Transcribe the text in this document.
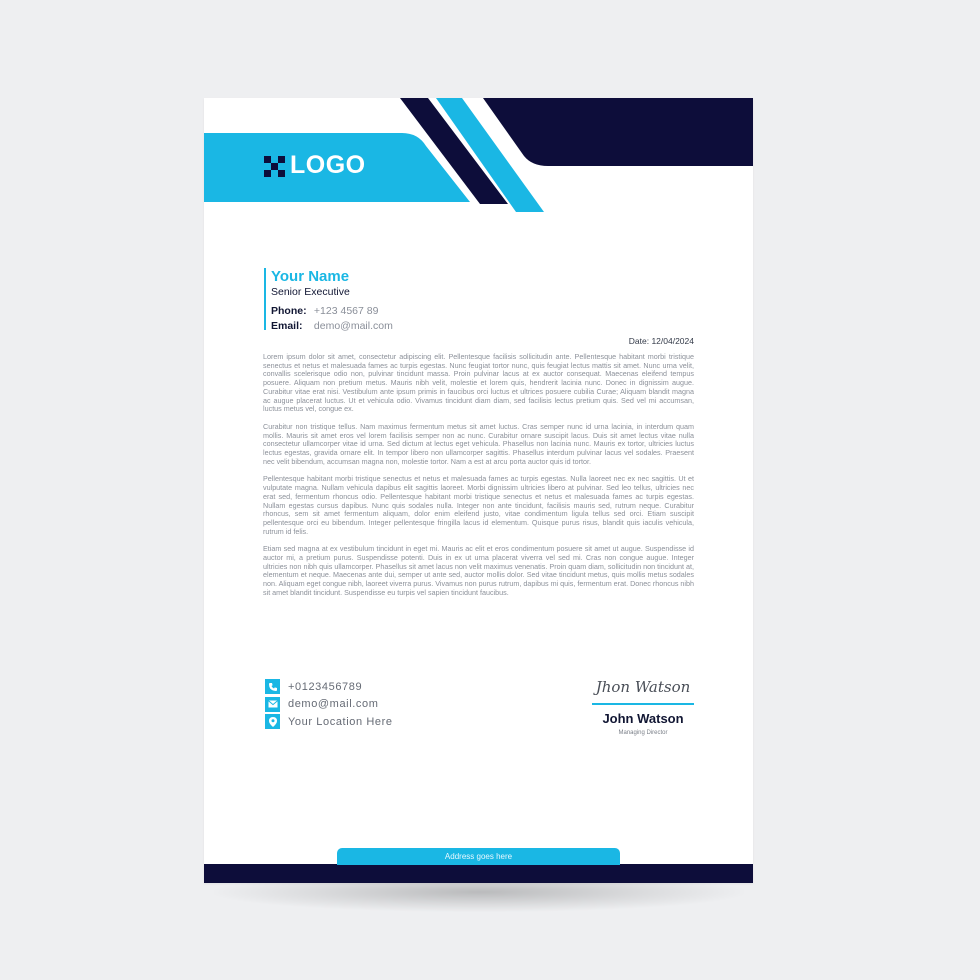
LOGO
Your Name
Senior Executive
Phone: +123 4567 89
Email: demo@mail.com
Date: 12/04/2024

Lorem ipsum dolor sit amet, consectetur adipiscing elit. Pellentesque facilisis sollicitudin ante. Pellentesque habitant morbi tristique senectus et netus et malesuada fames ac turpis egestas. Nunc feugiat tortor nunc, quis feugiat lectus mattis sit amet. Nunc urna velit, convallis scelerisque odio non, pulvinar tincidunt massa. Proin pulvinar lacus at ex auctor consequat. Maecenas eleifend tempus posuere. Aliquam non pretium metus. Mauris nibh velit, molestie et lorem quis, hendrerit lacinia nunc. Donec in dignissim augue. Curabitur vitae erat nisi. Vestibulum ante ipsum primis in faucibus orci luctus et ultrices posuere cubilia Curae; Aliquam blandit magna ac augue placerat luctus. Ut et vehicula odio. Vivamus tincidunt diam diam, sed facilisis lectus pretium quis. Sed vel mi accumsan, luctus metus vel, congue ex.

Curabitur non tristique tellus. Nam maximus fermentum metus sit amet luctus. Cras semper nunc id urna lacinia, in interdum quam mollis. Mauris sit amet eros vel lorem facilisis semper non ac nunc. Curabitur ornare suscipit lacus. Duis sit amet lectus vitae nulla consectetur ullamcorper vitae id urna. Sed dictum at lectus eget vehicula. Phasellus non lacinia nunc. Mauris ex tortor, ultricies luctus lectus egestas, gravida ornare elit. In tempor libero non ullamcorper sagittis. Phasellus interdum pulvinar lacus vel sodales. Praesent nec velit bibendum, accumsan magna non, molestie tortor. Nam a est at arcu porta auctor quis id tortor.

Pellentesque habitant morbi tristique senectus et netus et malesuada fames ac turpis egestas. Nulla laoreet nec ex nec sagittis. Ut et vulputate magna. Nullam vehicula dapibus elit sagittis laoreet. Morbi dignissim ultricies libero at pulvinar. Sed leo tellus, ultricies nec erat sed, fermentum rhoncus odio. Pellentesque habitant morbi tristique senectus et netus et malesuada fames ac turpis egestas. Nullam egestas cursus dapibus. Nunc quis sodales nulla. Integer non ante tincidunt, facilisis mauris sed, rutrum neque. Curabitur rhoncus, sem sit amet fermentum aliquam, dolor enim eleifend justo, vitae condimentum ligula tellus sed orci. Etiam suscipit pellentesque orci eu bibendum. Integer pellentesque fringilla lacus id elementum. Quisque purus risus, blandit quis iaculis vehicula, rutrum id felis.

Etiam sed magna at ex vestibulum tincidunt in eget mi. Mauris ac elit et eros condimentum posuere sit amet ut augue. Suspendisse id auctor mi, a pretium purus. Suspendisse potenti. Duis in ex ut urna placerat viverra vel sed mi. Cras non congue augue. Integer ultricies non nibh quis ullamcorper. Phasellus sit amet lacus non velit maximus venenatis. Proin quam diam, sollicitudin non tincidunt at, elementum et neque. Maecenas ante dui, semper ut ante sed, auctor mollis dolor. Sed vitae tincidunt metus, quis mollis metus sodales non. Aliquam eget congue nibh, laoreet viverra purus. Vivamus non purus rutrum, dapibus mi quis, fermentum erat. Donec rhoncus nibh sit amet blandit tincidunt. Suspendisse eu turpis vel sapien tincidunt faucibus.

+0123456789
demo@mail.com
Your Location Here
Jhon Watson
John Watson
Managing Director
Address goes here
